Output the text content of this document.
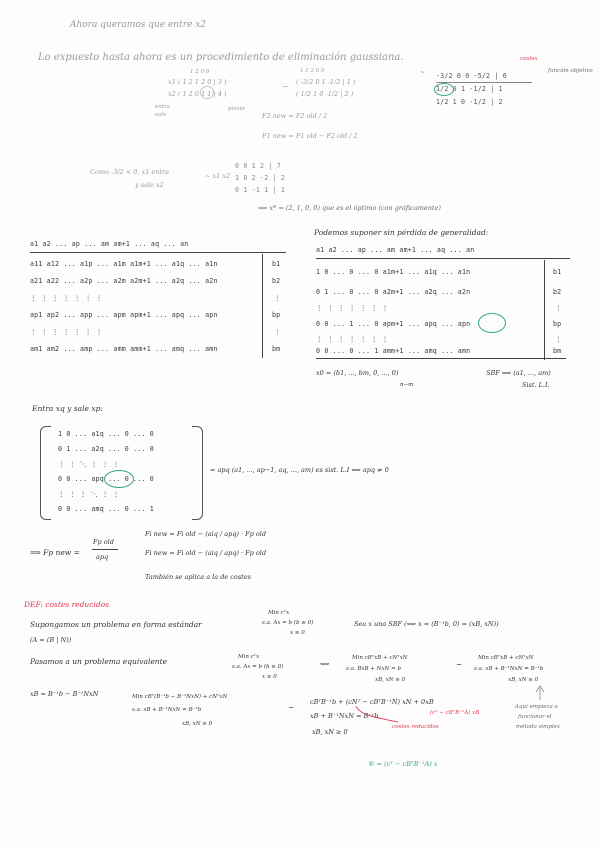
Ahora queramos que entre x2
Lo expuesto hasta ahora es un procedimiento de eliminación gaussiana.
1 2 0 0
x1 ( 1 2 1 2 0 | 3 )
x2 ( 1 2 0 1 1 | 4 )
entra
sale
pivote
~
F2 new = F2 old / 2
F1 new = F1 old − F2 old / 2
1 1 2 0 0
( -3/2 0 1 -1/2 | 1 )
( 1/2 1 0 -1/2 | 2 )
costes
~ -3/2 0 0 -5/2 | 6
1/2 0 1 -1/2 | 1
1/2 1 0 -1/2 | 2
función objetivo
Como -3/2 < 0, x1 entra
y sale x2
~ x1 x2
0 0 1 2 | 7
1 0 2 -2 | 2
0 1 -1 1 | 1
⟹ x* = (2, 1, 0, 0) que es el óptimo (con gráficamente)
a1 a2 ... ap ... am am+1 ... aq ... an
a11 a12 ... a1p ... a1m a1m+1 ... a1q ... a1n
a21 a22 ... a2p ... a2m a2m+1 ... a2q ... a2n
⋮ ⋮ ⋮ ⋮ ⋮ ⋮ ⋮
ap1 ap2 ... app ... apm apm+1 ... apq ... apn
⋮ ⋮ ⋮ ⋮ ⋮ ⋮ ⋮
am1 am2 ... amp ... amm amm+1 ... amq ... amn
b1
b2
⋮
bp
⋮
bm
Podemos suponer sin pérdida de generalidad:
a1 a2 ... ap ... am am+1 ... aq ... an
1 0 ... 0 ... 0 a1m+1 ... a1q ... a1n
0 1 ... 0 ... 0 a2m+1 ... a2q ... a2n
⋮ ⋮ ⋮ ⋮ ⋮ ⋮ ⋮
0 0 ... 1 ... 0 apm+1 ... apq ... apn
⋮ ⋮ ⋮ ⋮ ⋮ ⋮ ⋮
0 0 ... 0 ... 1 amm+1 ... amq ... amn
b1
b2
⋮
bp
⋮
bm
x0 = (b1, ..., bm, 0, ..., 0)
n−m
SBF ⟹ (a1, ..., am)
Sist. L.I.
Entra xq y sale xp:
1 0 ... a1q ... 0 ... 0
0 1 ... a2q ... 0 ... 0
⋮ ⋮ ⋱ ⋮ ⋮ ⋮
0 0 ... apq ... 0 ... 0
⋮ ⋮ ⋮ ⋱ ⋮ ⋮
0 0 ... amq ... 0 ... 1
= apq (a1, ..., ap−1, aq, ..., am) es sist. L.I ⟺ apq ≠ 0
⟹ Fp new =
Fp old
apq
Fi new = Fi old − (aiq / apq) · Fp old
Fi new = Fi old − (aiq / apq) · Fp old
También se aplica a la de costes
DEF: costes reducidos
Supongamos un problema en forma estándar
Min cᵀx
s.a. Ax = b (b ≥ 0)
x ≥ 0
Sea x una SBF (⟺ x = (B⁻¹b, 0) = (xB, xN))
(A = (B | N))
Pasamos a un problema equivalente	Min cᵀx
s.a. Ax = b (b ≥ 0)
x ≥ 0
⟺
Min cBᵀxB + cNᵀxN
s.a. BxB + NxN = b
xB, xN ≥ 0
~
Min cBᵀxB + cNᵀxN
s.a. xB + B⁻¹NxN = B⁻¹b
xB, xN ≥ 0
xB = B⁻¹b − B⁻¹NxN	Min cBᵀ(B⁻¹b − B⁻¹NxN) + cNᵀxN
s.a. xB + B⁻¹NxN = B⁻¹b
xB, xN ≥ 0
~
cBᵀB⁻¹b + (cNᵀ − cBᵀB⁻¹N) xN + 0xB
(cᵀ − cBᵀB⁻¹A) xB
xB + B⁻¹NxN = B⁻¹b
xB, xN ≥ 0
costes reducidos
® = (cᵀ − cBᵀB⁻¹A) x
Aquí empieza a
funcionar el
método simplex
